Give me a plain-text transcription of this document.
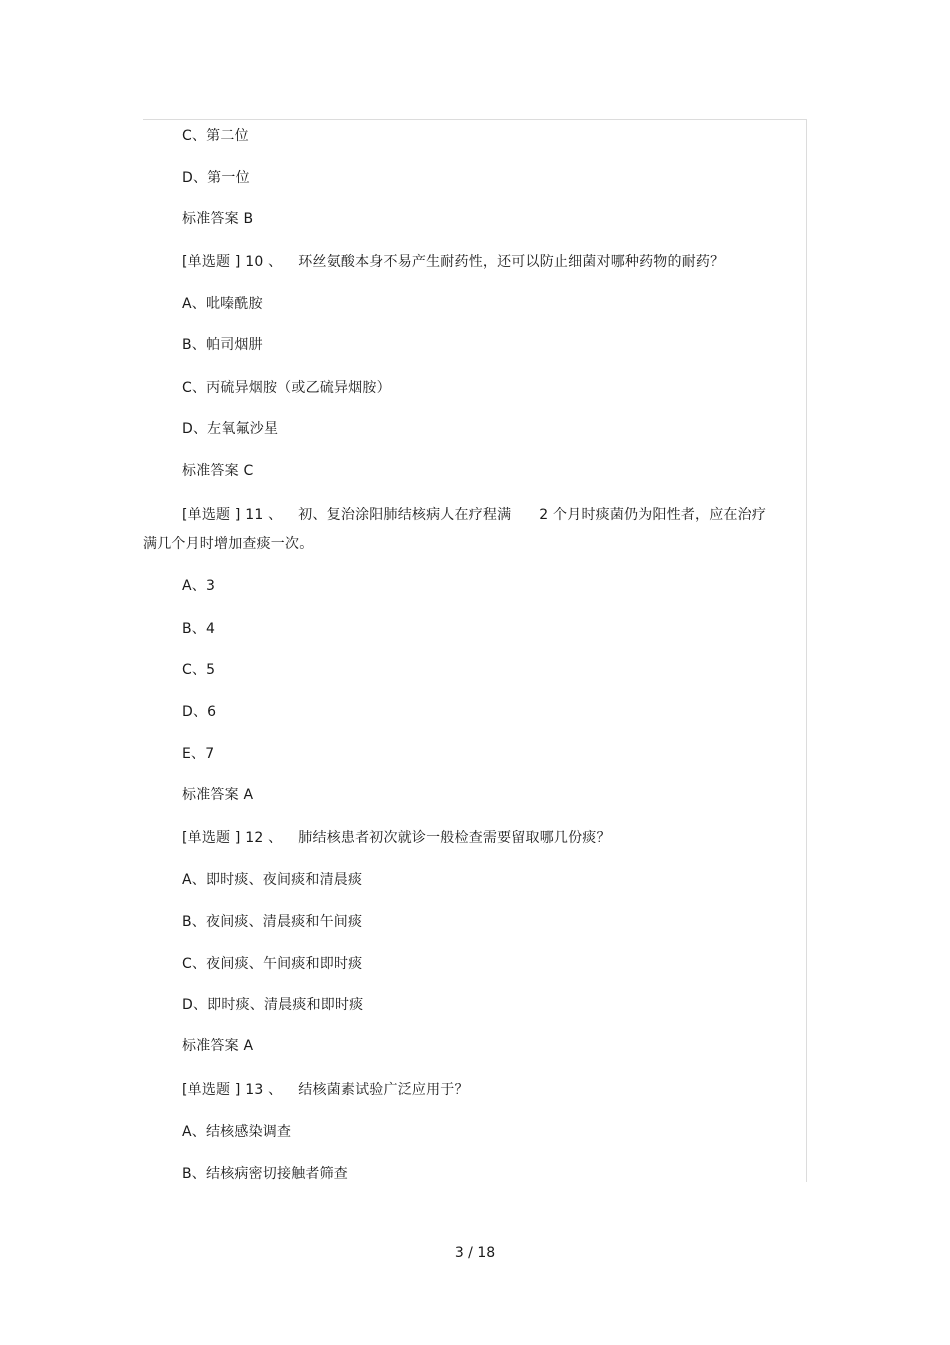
C、第二位
D、第一位
标准答案 B
[单选题 ] 10 、 环丝氨酸本身不易产生耐药性，还可以防止细菌对哪种药物的耐药？
A、吡嗪酰胺
B、帕司烟肼
C、丙硫异烟胺（或乙硫异烟胺）
D、左氧氟沙星
标准答案 C
[单选题 ] 11 、 初、复治涂阳肺结核病人在疗程满 2 个月时痰菌仍为阳性者，应在治疗
满几个月时增加查痰一次。
A、3
B、4
C、5
D、6
E、7
标准答案 A
[单选题 ] 12 、 肺结核患者初次就诊一般检查需要留取哪几份痰？
A、即时痰、夜间痰和清晨痰
B、夜间痰、清晨痰和午间痰
C、夜间痰、午间痰和即时痰
D、即时痰、清晨痰和即时痰
标准答案 A
[单选题 ] 13 、 结核菌素试验广泛应用于？
A、结核感染调查
B、结核病密切接触者筛查
3 / 18
